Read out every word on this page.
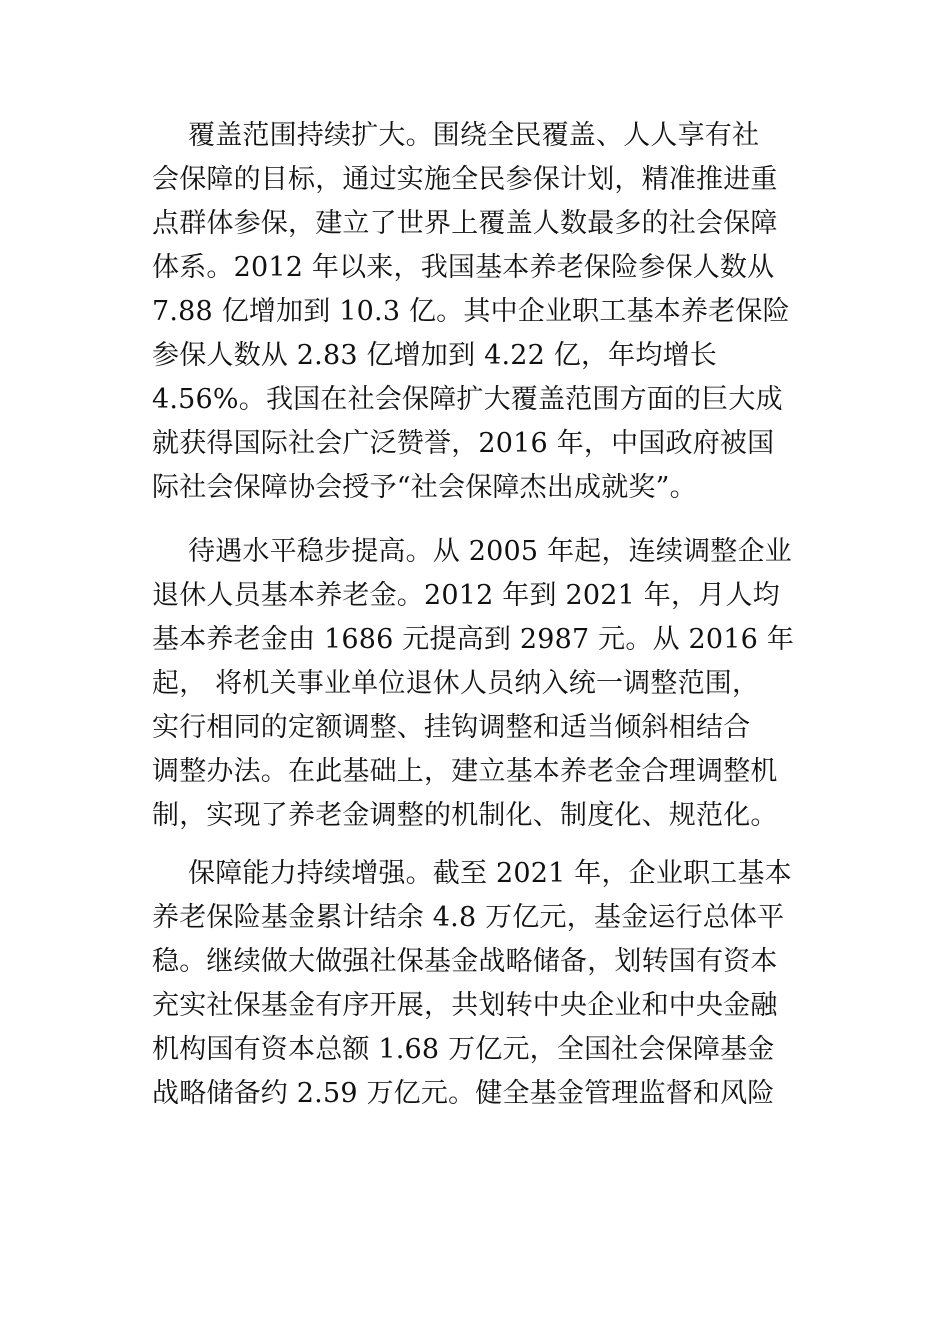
覆盖范围持续扩大。围绕全民覆盖、人人享有社
会保障的目标，通过实施全民参保计划，精准推进重
点群体参保，建立了世界上覆盖人数最多的社会保障
体系。2012 年以来，我国基本养老保险参保人数从
7.88 亿增加到 10.3 亿。其中企业职工基本养老保险
参保人数从 2.83 亿增加到 4.22 亿，年均增长
4.56%。我国在社会保障扩大覆盖范围方面的巨大成
就获得国际社会广泛赞誉，2016 年，中国政府被国
际社会保障协会授予“社会保障杰出成就奖”。
待遇水平稳步提高。从 2005 年起，连续调整企业
退休人员基本养老金。2012 年到 2021 年，月人均
基本养老金由 1686 元提高到 2987 元。从 2016 年
起， 将机关事业单位退休人员纳入统一调整范围，
实行相同的定额调整、挂钩调整和适当倾斜相结合
调整办法。在此基础上，建立基本养老金合理调整机
制，实现了养老金调整的机制化、制度化、规范化。
保障能力持续增强。截至 2021 年，企业职工基本
养老保险基金累计结余 4.8 万亿元，基金运行总体平
稳。继续做大做强社保基金战略储备，划转国有资本
充实社保基金有序开展，共划转中央企业和中央金融
机构国有资本总额 1.68 万亿元，全国社会保障基金
战略储备约 2.59 万亿元。健全基金管理监督和风险
